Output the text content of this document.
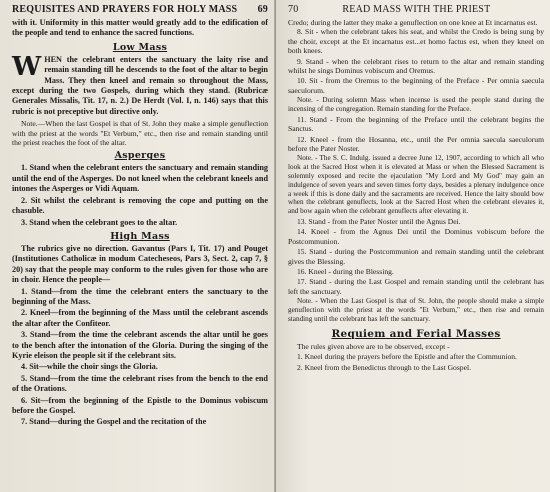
REQUISITES AND PRAYERS FOR HOLY MASS 69

with it. Uniformity in this matter would greatly add to the edification of the people and tend to enhance the sacred functions.

Low Mass

WHEN the celebrant enters the sanctuary the laity rise and remain standing till he descends to the foot of the altar to begin Mass. They then kneel and remain so throughout the Mass, except during the two Gospels, during which they stand. (Rubricæ Generales Missalis, Tit. 17, n. 2.) De Herdt (Vol. I, n. 146) says that this rubric is not preceptive but directive only.

Note.—When the last Gospel is that of St. John they make a simple genuflection with the priest at the words "Et Verbum," etc., then rise and remain standing until the priest reaches the foot of the altar.

Asperges

1. Stand when the celebrant enters the sanctuary and remain standing until the end of the Asperges. Do not kneel when the celebrant kneels and intones the Asperges or Vidi Aquam.

2. Sit whilst the celebrant is removing the cope and putting on the chasuble.

3. Stand when the celebrant goes to the altar.

High Mass

The rubrics give no direction. Gavantus (Pars I, Tit. 17) and Pouget (Institutiones Catholicæ in modum Catecheseos, Pars 3, Sect. 2, cap 7, § 20) say that the people may conform to the rules given for those who are in choir. Hence the people—

1. Stand—from the time the celebrant enters the sanctuary to the beginning of the Mass.

2. Kneel—from the beginning of the Mass until the celebrant ascends the altar after the Confiteor.

3. Stand—from the time the celebrant ascends the altar until he goes to the bench after the intonation of the Gloria. During the singing of the Kyrie eleison the people sit if the celebrant sits.

4. Sit—while the choir sings the Gloria.

5. Stand—from the time the celebrant rises from the bench to the end of the Orations.

6. Sit—from the beginning of the Epistle to the Dominus vobiscum before the Gospel.

7. Stand—during the Gospel and the recitation of the

70	READ MASS WITH THE PRIEST

Credo; during the latter they make a genuflection on one knee at Et incarnatus est.

8. Sit - when the celebrant takes his seat, and whilst the Credo is being sung by the choir, except at the Et incarnatus est...et homo factus est, when they kneel on both knees.

9. Stand - when the celebrant rises to return to the altar and remain standing whilst he sings Dominus vobiscum and Oremus.

10. Sit - from the Oremus to the beginning of the Preface - Per omnia saecula saeculorum.

Note. - During solemn Mass when incense is used the people stand during the incensing of the congregation. Remain standing for the Preface.

11. Stand - From the beginning of the Preface until the celebrant begins the Sanctus.

12. Kneel - from the Hosanna, etc., until the Per omnia saecula saeculorum before the Pater Noster.

Note. - The S. C. Indulg. issued a decree June 12, 1907, according to which all who look at the Sacred Host when it is elevated at Mass or when the Blessed Sacrament is solemnly exposed and recite the ejaculation "My Lord and My God" may gain an indulgence of seven years and seven times forty days, besides a plenary indulgence once a week if this is done daily and the sacraments are received. Hence the laity should bow when the celebrant genuflects, look at the Sacred Host when the celebrant elevates it, and bow again when the celebrant genuflects after elevating it.

13. Stand - from the Pater Noster until the Agnus Dei.

14. Kneel - from the Agnus Dei until the Dominus vobiscum before the Postcommunion.

15. Stand - during the Postcommunion and remain standing until the celebrant gives the Blessing.

16. Kneel - during the Blessing.

17. Stand - during the Last Gospel and remain standing until the celebrant has left the sanctuary.

Note. - When the Last Gospel is that of St. John, the people should make a simple genuflection with the priest at the words "Et Verbum," etc., then rise and remain standing until the celebrant has left the sanctuary.

Requiem and Ferial Masses

The rules given above are to be observed, except -

1. Kneel during the prayers before the Epistle and after the Communion.

2. Kneel from the Benedictus through to the Last Gospel.
